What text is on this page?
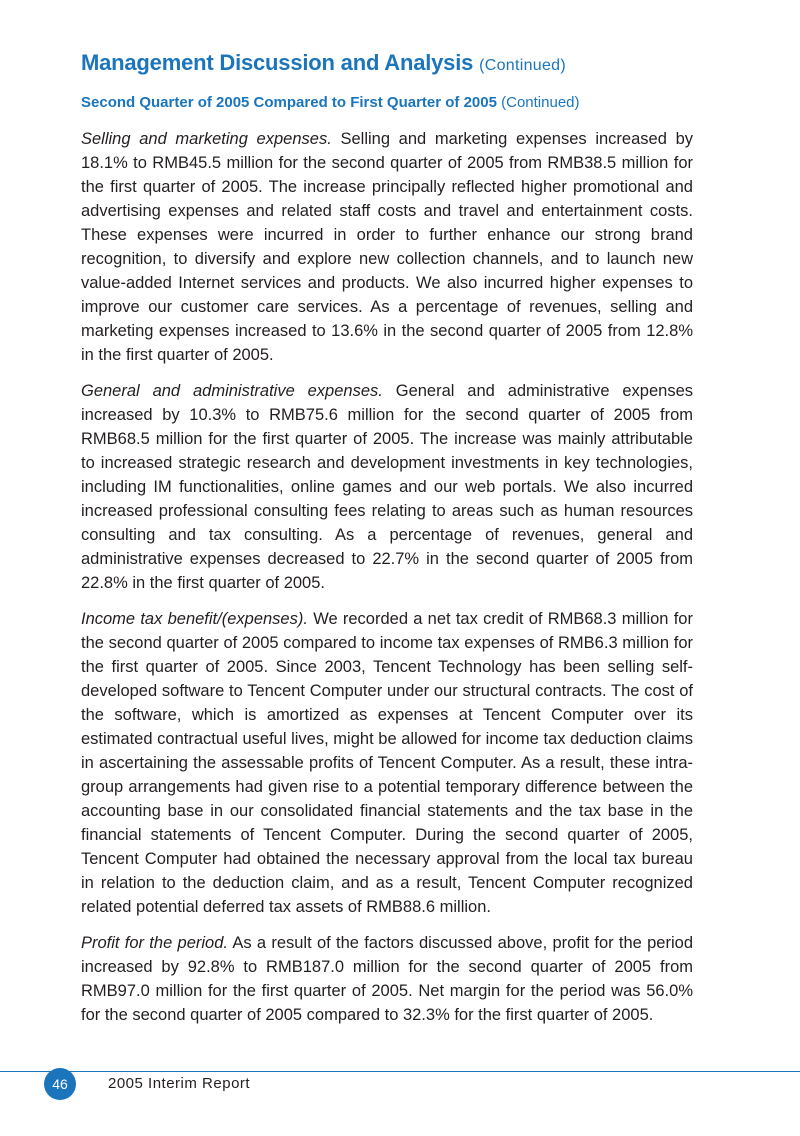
Management Discussion and Analysis (Continued)
Second Quarter of 2005 Compared to First Quarter of 2005 (Continued)

Selling and marketing expenses. Selling and marketing expenses increased by 18.1% to RMB45.5 million for the second quarter of 2005 from RMB38.5 million for the first quarter of 2005. The increase principally reflected higher promotional and advertising expenses and related staff costs and travel and entertainment costs. These expenses were incurred in order to further enhance our strong brand recognition, to diversify and explore new collection channels, and to launch new value-added Internet services and products. We also incurred higher expenses to improve our customer care services. As a percentage of revenues, selling and marketing expenses increased to 13.6% in the second quarter of 2005 from 12.8% in the first quarter of 2005.

General and administrative expenses. General and administrative expenses increased by 10.3% to RMB75.6 million for the second quarter of 2005 from RMB68.5 million for the first quarter of 2005. The increase was mainly attributable to increased strategic research and development investments in key technologies, including IM functionalities, online games and our web portals. We also incurred increased professional consulting fees relating to areas such as human resources consulting and tax consulting. As a percentage of revenues, general and administrative expenses decreased to 22.7% in the second quarter of 2005 from 22.8% in the first quarter of 2005.

Income tax benefit/(expenses). We recorded a net tax credit of RMB68.3 million for the second quarter of 2005 compared to income tax expenses of RMB6.3 million for the first quarter of 2005. Since 2003, Tencent Technology has been selling self-developed software to Tencent Computer under our structural contracts. The cost of the software, which is amortized as expenses at Tencent Computer over its estimated contractual useful lives, might be allowed for income tax deduction claims in ascertaining the assessable profits of Tencent Computer. As a result, these intra-group arrangements had given rise to a potential temporary difference between the accounting base in our consolidated financial statements and the tax base in the financial statements of Tencent Computer. During the second quarter of 2005, Tencent Computer had obtained the necessary approval from the local tax bureau in relation to the deduction claim, and as a result, Tencent Computer recognized related potential deferred tax assets of RMB88.6 million.

Profit for the period. As a result of the factors discussed above, profit for the period increased by 92.8% to RMB187.0 million for the second quarter of 2005 from RMB97.0 million for the first quarter of 2005. Net margin for the period was 56.0% for the second quarter of 2005 compared to 32.3% for the first quarter of 2005.

46	2005 Interim Report
